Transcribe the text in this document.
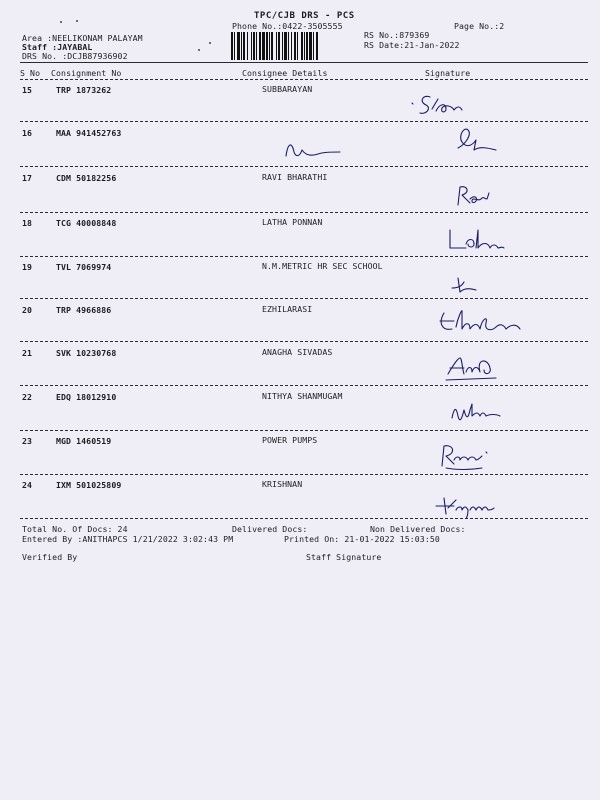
TPC/CJB DRS - PCS
Phone No.:0422-3505555	Page No.:2
Area :NEELIKONAM PALAYAM
Staff :JAYABAL
DRS No. :DCJB87936902
RS No.:879369
RS Date:21-Jan-2022
S No Consignment No	Consignee Details	Signature
15	TRP 1873262	SUBBARAYAN
16	MAA 941452763
17	CDM 50182256	RAVI BHARATHI
18	TCG 40008848	LATHA PONNAN
19	TVL 7069974	N.M.METRIC HR SEC SCHOOL
20	TRP 4966886	EZHILARASI
21	SVK 10230768	ANAGHA SIVADAS
22	EDQ 18012910	NITHYA SHANMUGAM
23	MGD 1460519	POWER PUMPS
24	IXM 501025809	KRISHNAN
Total No. Of Docs: 24	Delivered Docs:	Non Delivered Docs:
Entered By :ANITHAPCS 1/21/2022 3:02:43 PM	Printed On: 21-01-2022 15:03:50
Verified By	Staff Signature
